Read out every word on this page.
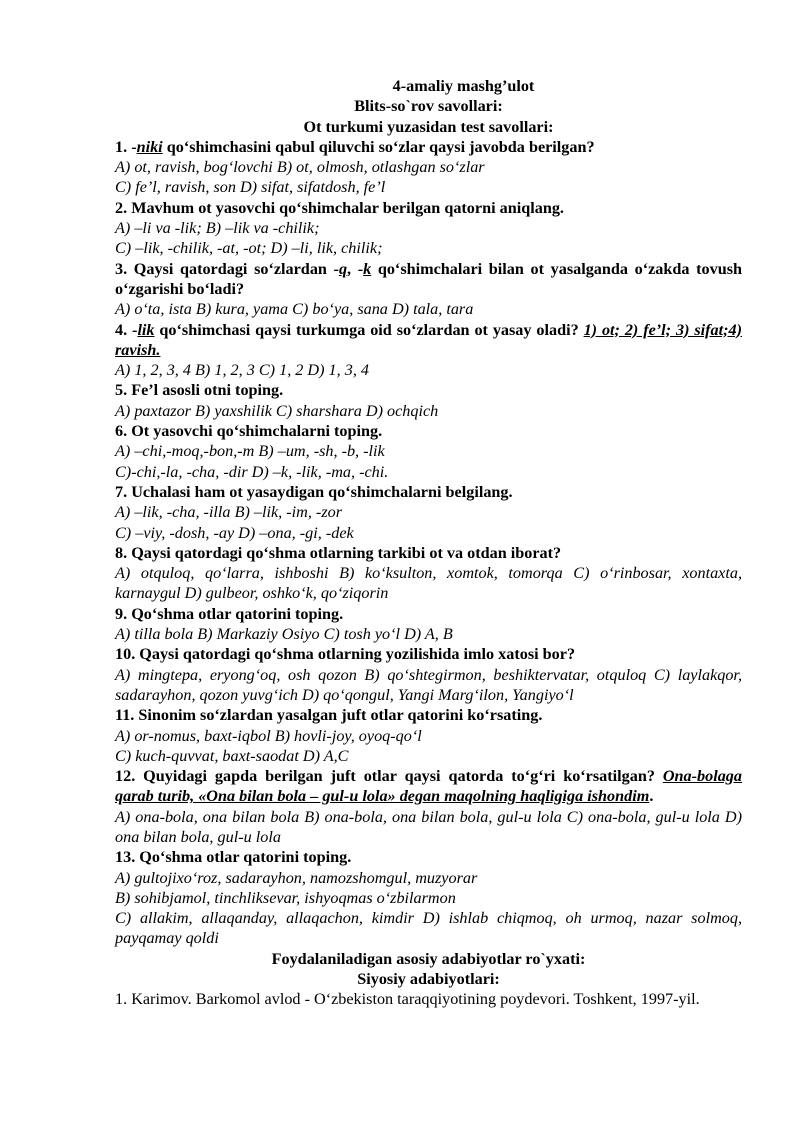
4-amaliy mashg’ulot
Blits-so`rov savollari:
Ot turkumi yuzasidan test savollari:
1. -niki qo‘shimchasini qabul qiluvchi so‘zlar qaysi javobda berilgan?
A) ot, ravish, bog‘lovchi B) ot, olmosh, otlashgan so‘zlar
C) fe’l, ravish, son D) sifat, sifatdosh, fe’l
2. Mavhum ot yasovchi qo‘shimchalar berilgan qatorni aniqlang.
A) –li va -lik; B) –lik va -chilik;
C) –lik, -chilik, -at, -ot; D) –li, lik, chilik;
3. Qaysi qatordagi so‘zlardan -q, -k qo‘shimchalari bilan ot yasalganda o‘zakda tovush o‘zgarishi bo‘ladi?
A) o‘ta, ista B) kura, yama C) bo‘ya, sana D) tala, tara
4. -lik qo‘shimchasi qaysi turkumga oid so‘zlardan ot yasay oladi? 1) ot; 2) fe’l; 3) sifat;4) ravish.
A) 1, 2, 3, 4 B) 1, 2, 3 C) 1, 2 D) 1, 3, 4
5. Fe’l asosli otni toping.
A) paxtazor B) yaxshilik C) sharshara D) ochqich
6. Ot yasovchi qo‘shimchalarni toping.
A) –chi,-moq,-bon,-m B) –um, -sh, -b, -lik
C)-chi,-la, -cha, -dir D) –k, -lik, -ma, -chi.
7. Uchalasi ham ot yasaydigan qo‘shimchalarni belgilang.
A) –lik, -cha, -illa B) –lik, -im, -zor
C) –viy, -dosh, -ay D) –ona, -gi, -dek
8. Qaysi qatordagi qo‘shma otlarning tarkibi ot va otdan iborat?
A) otquloq, qo‘larra, ishboshi B) ko‘ksulton, xomtok, tomorqa C) o‘rinbosar, xontaxta, karnaygul D) gulbeor, oshko‘k, qo‘ziqorin
9. Qo‘shma otlar qatorini toping.
A) tilla bola B) Markaziy Osiyo C) tosh yo‘l D) A, B
10. Qaysi qatordagi qo‘shma otlarning yozilishida imlo xatosi bor?
A) mingtepa, eryong‘oq, osh qozon B) qo‘shtegirmon, beshiktervatar, otquloq C) laylakqor, sadarayhon, qozon yuvg‘ich D) qo‘qongul, Yangi Marg‘ilon, Yangiyo‘l
11. Sinonim so‘zlardan yasalgan juft otlar qatorini ko‘rsating.
A) or-nomus, baxt-iqbol B) hovli-joy, oyoq-qo‘l
C) kuch-quvvat, baxt-saodat D) A,C
12. Quyidagi gapda berilgan juft otlar qaysi qatorda to‘g‘ri ko‘rsatilgan? Ona-bolaga qarab turib, «Ona bilan bola – gul-u lola» degan maqolning haqligiga ishondim.
A) ona-bola, ona bilan bola B) ona-bola, ona bilan bola, gul-u lola C) ona-bola, gul-u lola D) ona bilan bola, gul-u lola
13. Qo‘shma otlar qatorini toping.
A) gultojixo‘roz, sadarayhon, namozshomgul, muzyorar
B) sohibjamol, tinchliksevar, ishyoqmas o‘zbilarmon
C) allakim, allaqanday, allaqachon, kimdir D) ishlab chiqmoq, oh urmoq, nazar solmoq, payqamay qoldi
Foydalaniladigan asosiy adabiyotlar ro`yxati:
Siyosiy adabiyotlari:
1. Karimov. Barkomol avlod - O‘zbekiston taraqqiyotining poydevori. Toshkent, 1997-yil.
